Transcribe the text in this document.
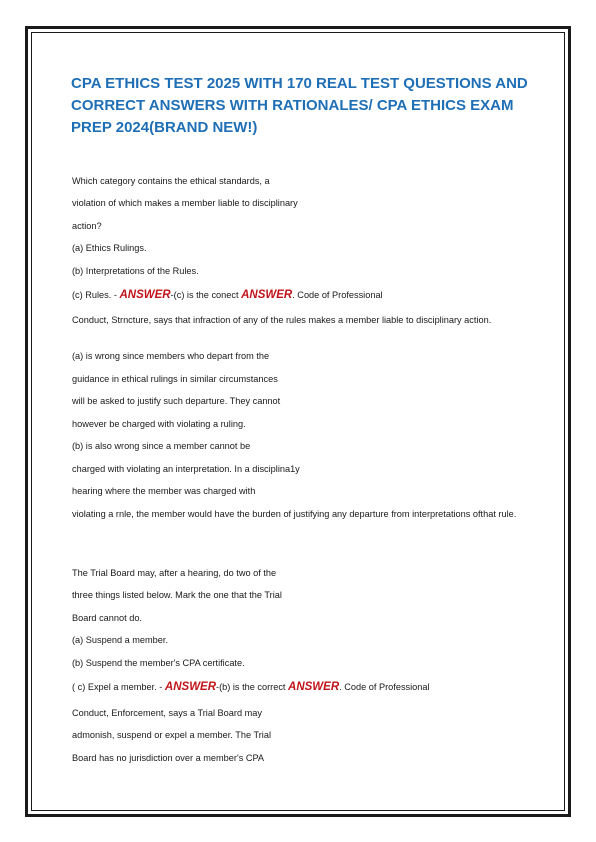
CPA ETHICS TEST 2025 WITH 170 REAL TEST QUESTIONS AND CORRECT ANSWERS WITH RATIONALES/ CPA ETHICS EXAM PREP 2024(BRAND NEW!)

Which category contains the ethical standards, a

violation of which makes a member liable to disciplinary

action?

(a) Ethics Rulings.

(b) Interpretations of the Rules.

(c) Rules. - ANSWER-(c) is the conect ANSWER. Code of Professional

Conduct, Strncture, says that infraction of any of the rules makes a member liable to disciplinary action.

(a) is wrong since members who depart from the

guidance in ethical rulings in similar circumstances

will be asked to justify such departure. They cannot

however be charged with violating a ruling.

(b) is also wrong since a member cannot be

charged with violating an interpretation. In a disciplina1y

hearing where the member was charged with

violating a rnle, the member would have the burden of justifying any departure from interpretations ofthat rule.

The Trial Board may, after a hearing, do two of the

three things listed below. Mark the one that the Trial

Board cannot do.

(a) Suspend a member.

(b) Suspend the member's CPA certificate.

( c) Expel a member. - ANSWER-(b) is the correct ANSWER. Code of Professional

Conduct, Enforcement, says a Trial Board may

admonish, suspend or expel a member. The Trial

Board has no jurisdiction over a member's CPA
